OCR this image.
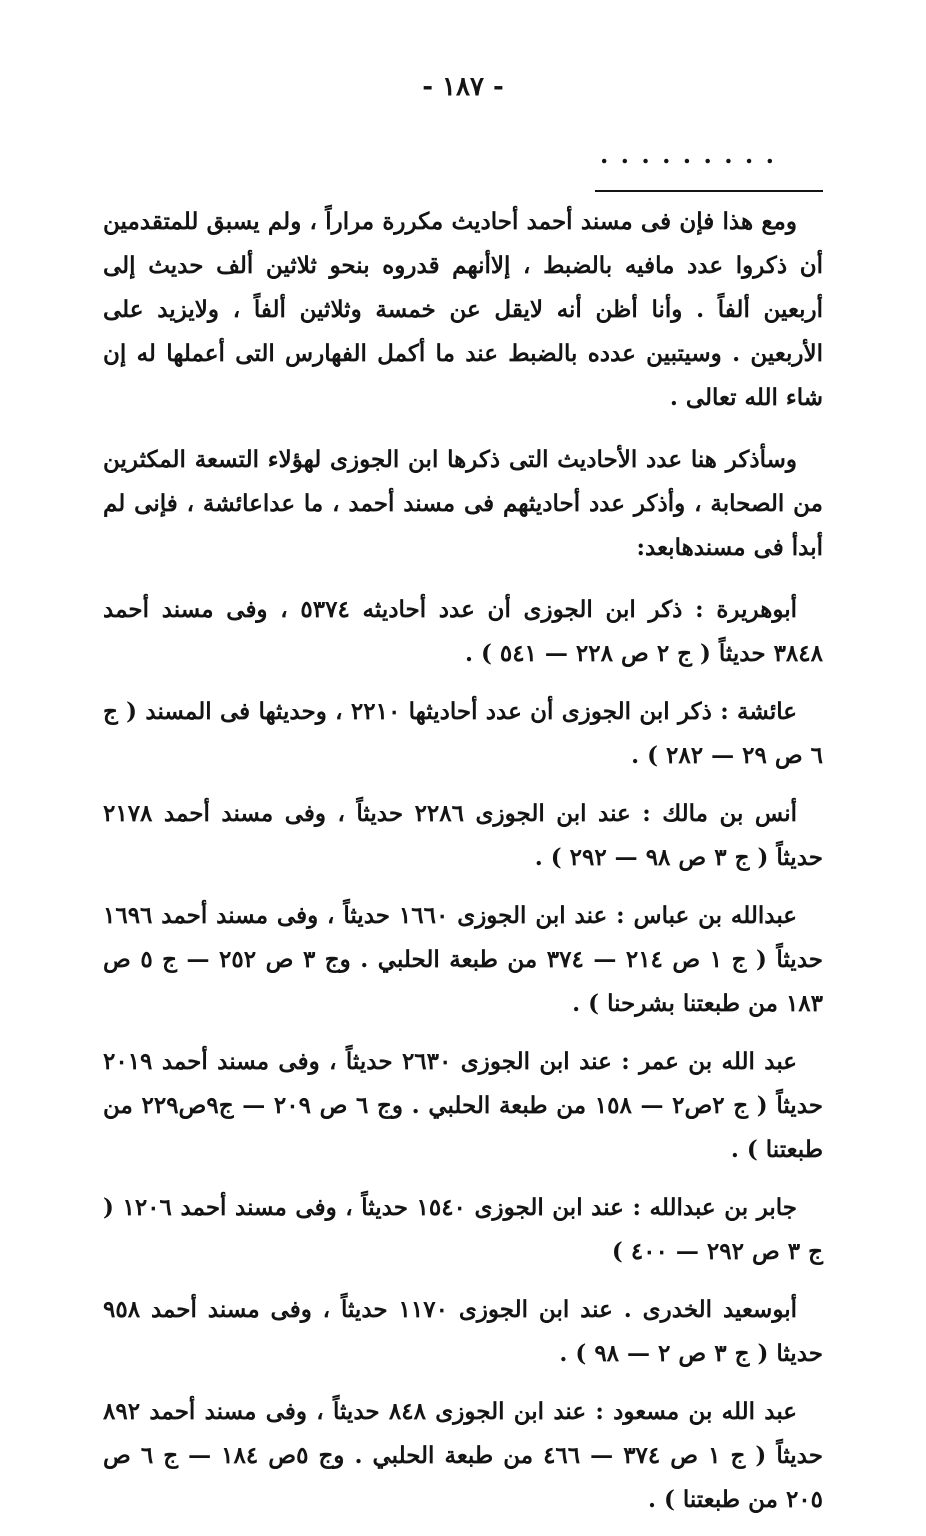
- ١٨٧ -
. . . . . . . . .

ومع هذا فإن فى مسند أحمد أحاديث مكررة مراراً ، ولم يسبق للمتقدمين أن ذكروا عدد مافيه بالضبط ، إلاأنهم قدروه بنحو ثلاثين ألف حديث إلى أربعين ألفاً . وأنا أظن أنه لايقل عن خمسة وثلاثين ألفاً ، ولايزيد على الأربعين . وسيتبين عدده بالضبط عند ما أكمل الفهارس التى أعملها له إن شاء الله تعالى .

وسأذكر هنا عدد الأحاديث التى ذكرها ابن الجوزى لهؤلاء التسعة المكثرين من الصحابة ، وأذكر عدد أحاديثهم فى مسند أحمد ، ما عداعائشة ، فإنى لم أبدأ فى مسندهابعد:

أبوهريرة : ذكر ابن الجوزى أن عدد أحاديثه ٥٣٧٤ ، وفى مسند أحمد ٣٨٤٨ حديثاً ( ج ٢ ص ٢٢٨ — ٥٤١ ) .

عائشة : ذكر ابن الجوزى أن عدد أحاديثها ٢٢١٠ ، وحديثها فى المسند ( ج ٦ ص ٢٩ — ٢٨٢ ) .

أنس بن مالك : عند ابن الجوزى ٢٢٨٦ حديثاً ، وفى مسند أحمد ٢١٧٨ حديثاً ( ج ٣ ص ٩٨ — ٢٩٢ ) .

عبدالله بن عباس : عند ابن الجوزى ١٦٦٠ حديثاً ، وفى مسند أحمد ١٦٩٦ حديثاً ( ج ١ ص ٢١٤ — ٣٧٤ من طبعة الحلبي . وج ٣ ص ٢٥٢ — ج ٥ ص ١٨٣ من طبعتنا بشرحنا ) .

عبد الله بن عمر : عند ابن الجوزى ٢٦٣٠ حديثاً ، وفى مسند أحمد ٢٠١٩ حديثاً ( ج ٢ص٢ — ١٥٨ من طبعة الحلبي . وج ٦ ص ٢٠٩ — ج٩ص٢٢٩ من طبعتنا ) .

جابر بن عبدالله : عند ابن الجوزى ١٥٤٠ حديثاً ، وفى مسند أحمد ١٢٠٦ ( ج ٣ ص ٢٩٢ — ٤٠٠ )

أبوسعيد الخدرى . عند ابن الجوزى ١١٧٠ حديثاً ، وفى مسند أحمد ٩٥٨ حديثا ( ج ٣ ص ٢ — ٩٨ ) .

عبد الله بن مسعود : عند ابن الجوزى ٨٤٨ حديثاً ، وفى مسند أحمد ٨٩٢ حديثاً ( ج ١ ص ٣٧٤ — ٤٦٦ من طبعة الحلبي . وج ٥ص ١٨٤ — ج ٦ ص ٢٠٥ من طبعتنا ) .
